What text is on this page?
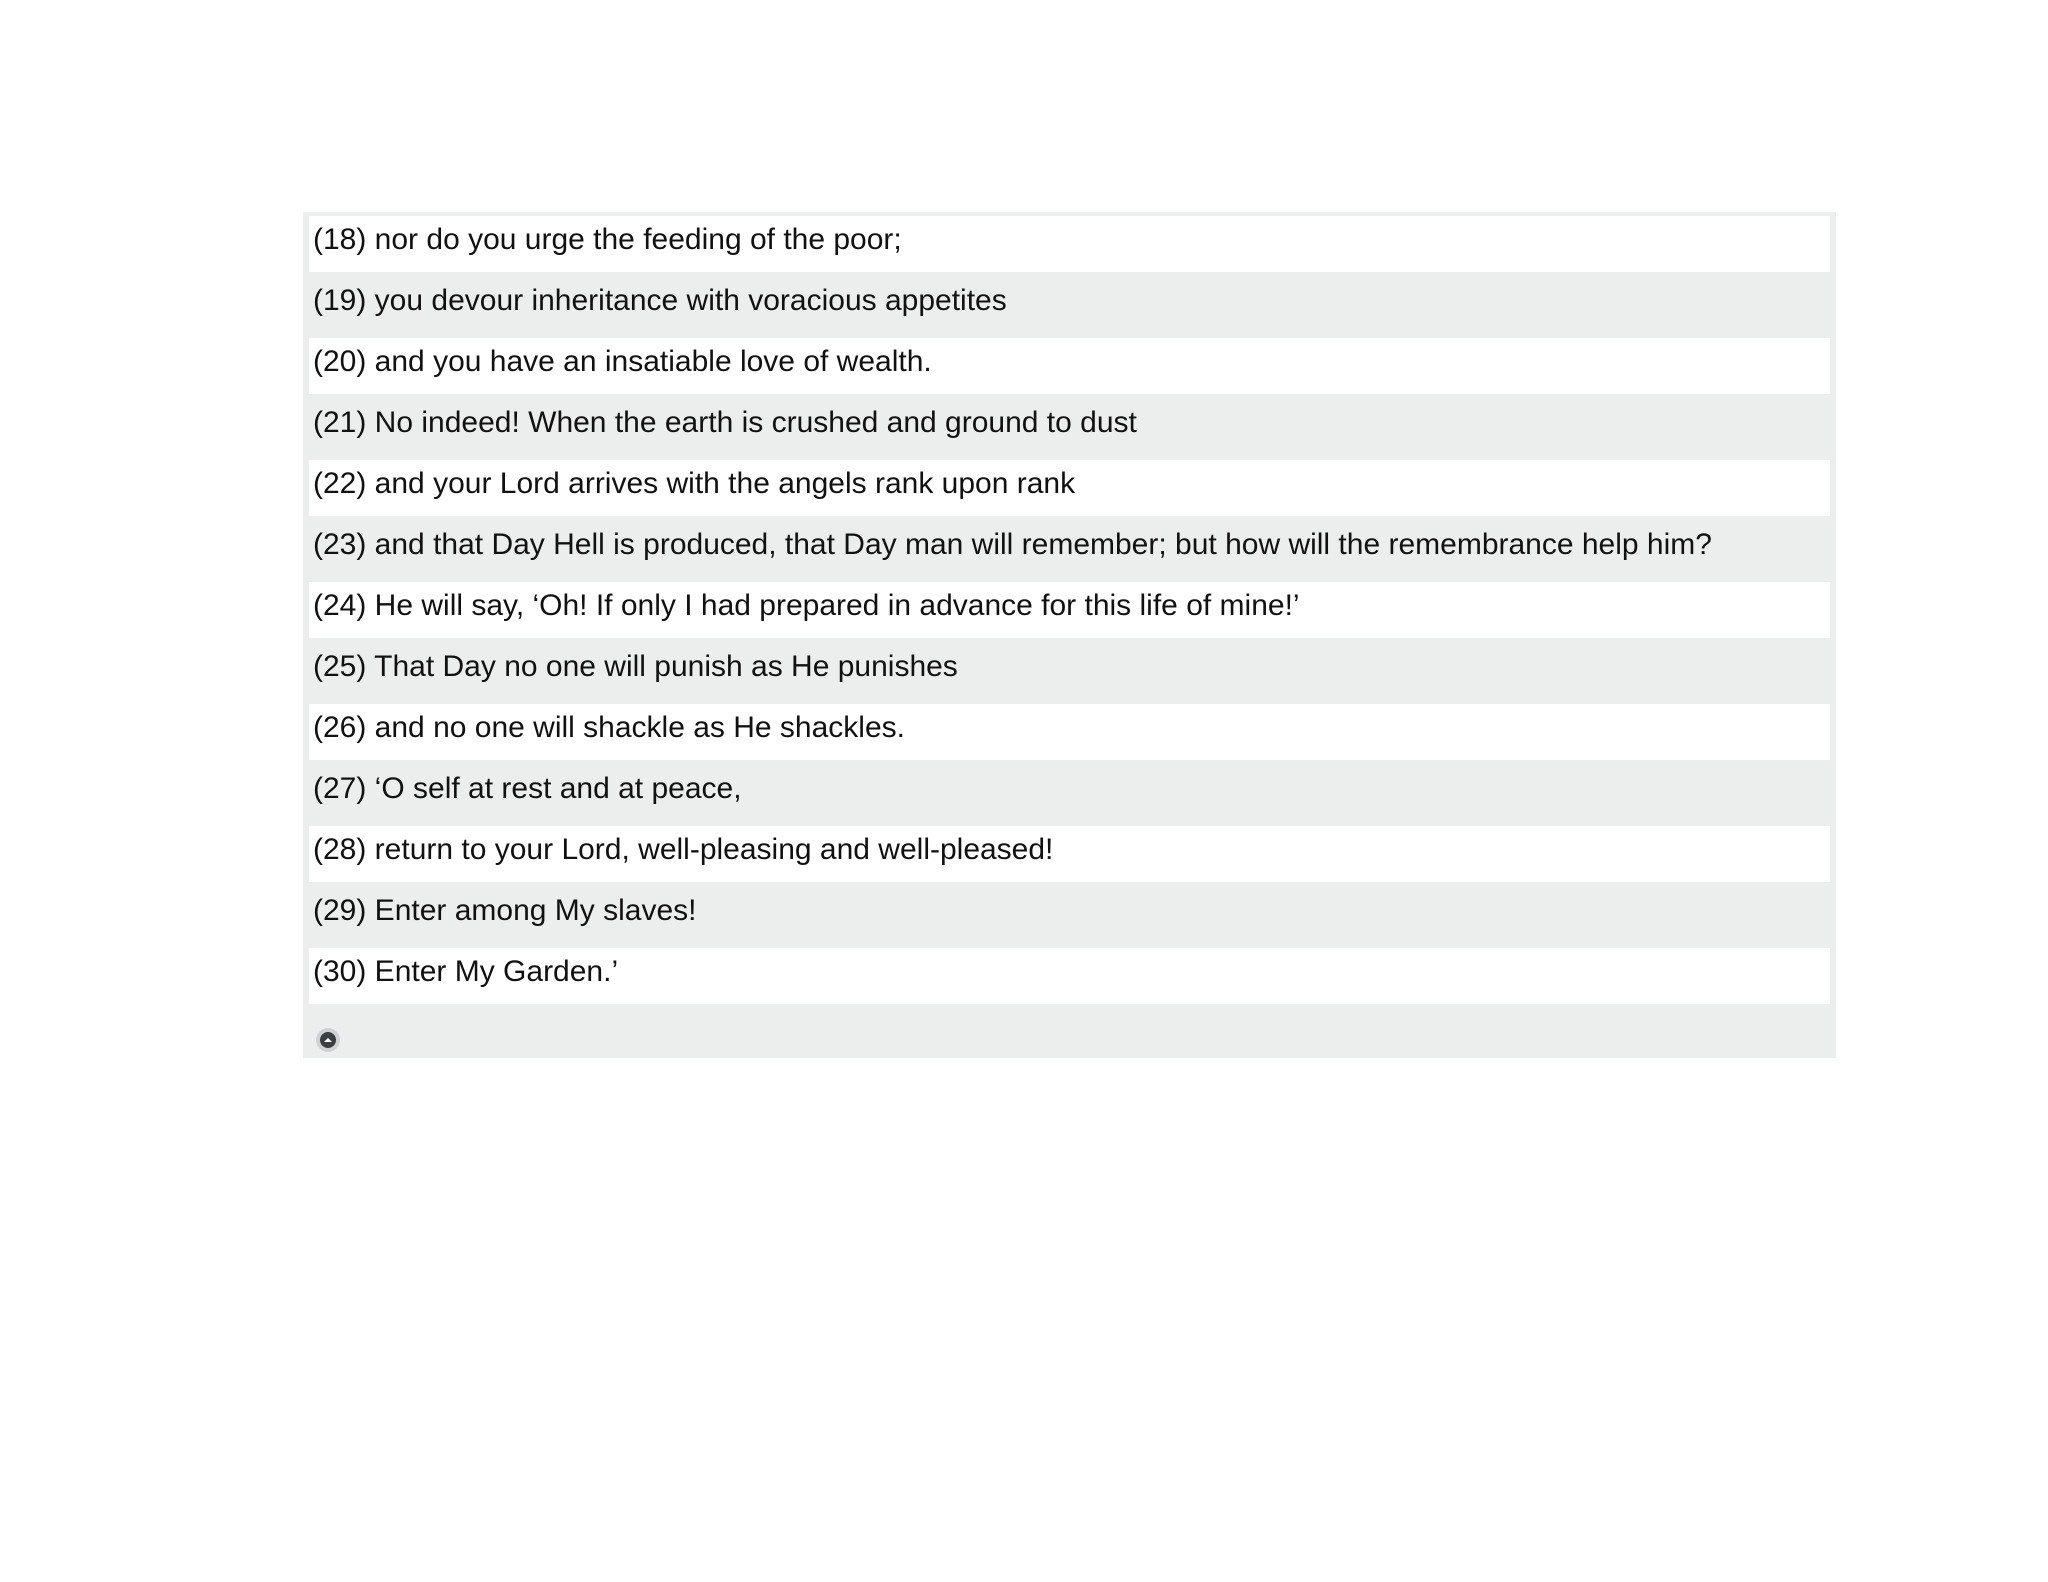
(18) nor do you urge the feeding of the poor;
(19) you devour inheritance with voracious appetites
(20) and you have an insatiable love of wealth.
(21) No indeed! When the earth is crushed and ground to dust
(22) and your Lord arrives with the angels rank upon rank
(23) and that Day Hell is produced, that Day man will remember; but how will the remembrance help him?
(24) He will say, ‘Oh! If only I had prepared in advance for this life of mine!’
(25) That Day no one will punish as He punishes
(26) and no one will shackle as He shackles.
(27) ‘O self at rest and at peace,
(28) return to your Lord, well-pleasing and well-pleased!
(29) Enter among My slaves!
(30) Enter My Garden.’
